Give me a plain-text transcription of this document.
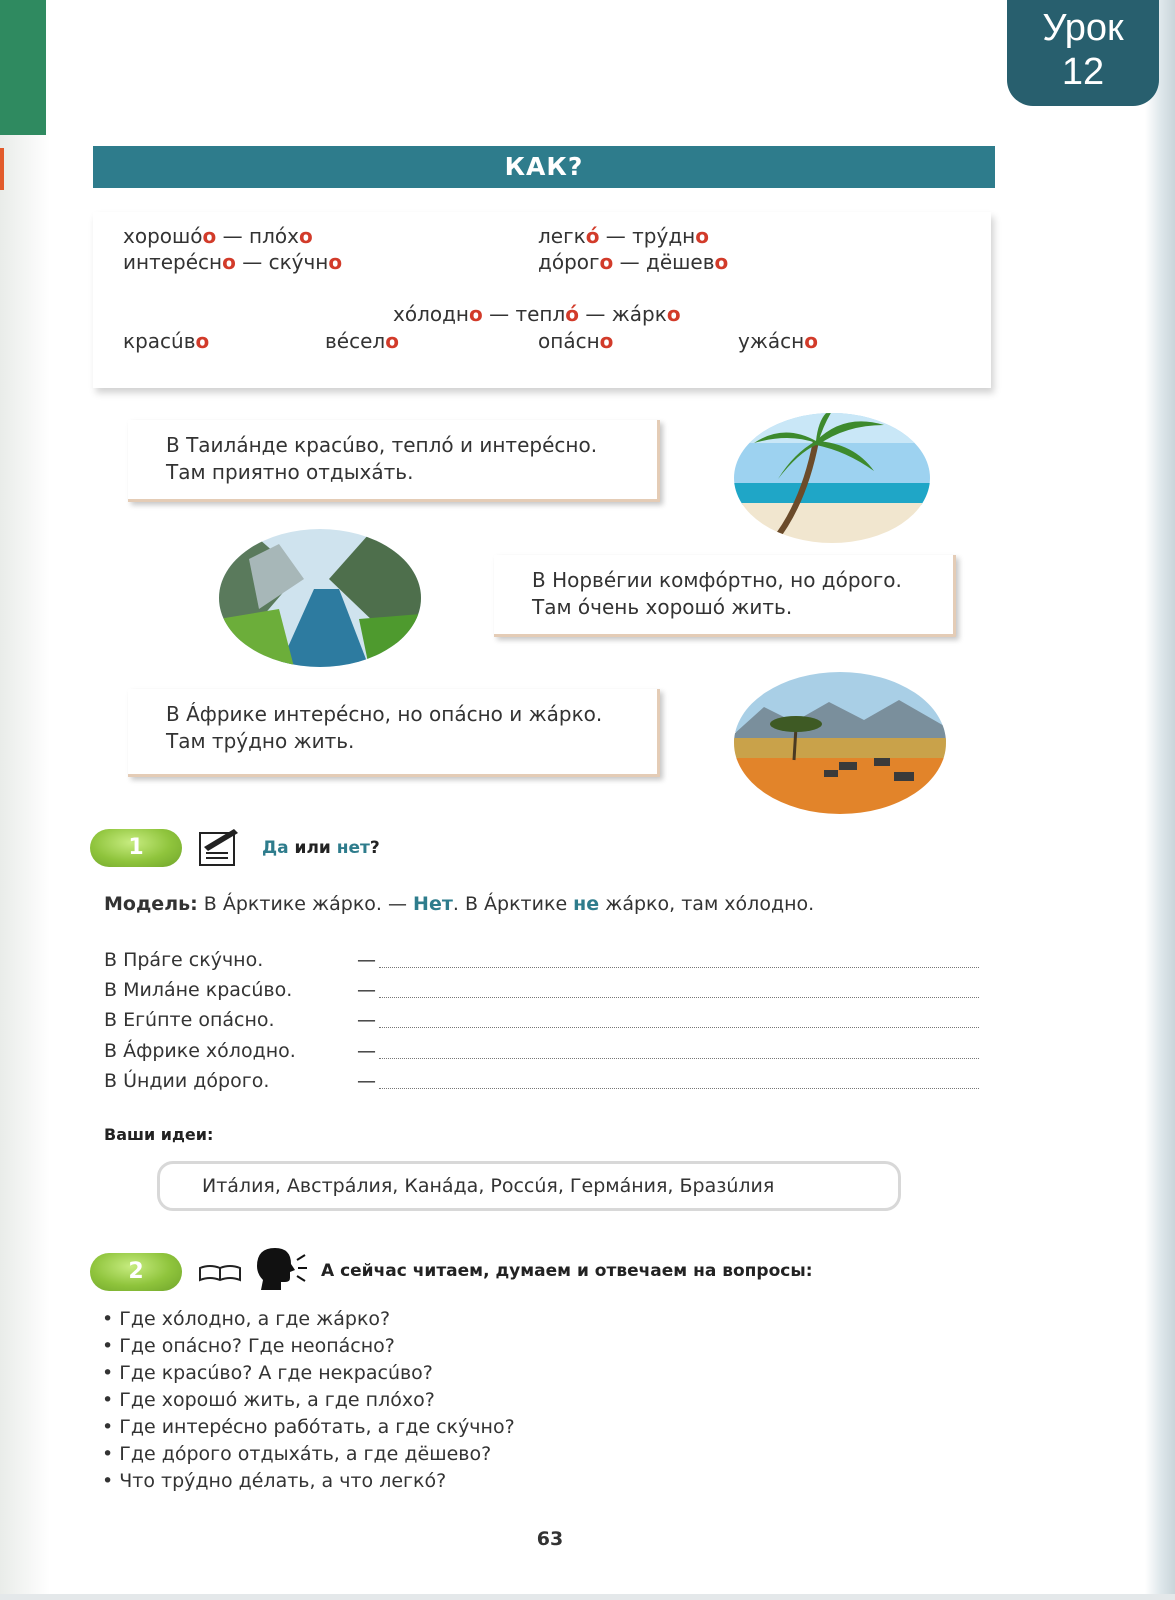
Урок
12
КАК?
хорошóо — плóхо
интерéсно — скýчно
легкó — трýдно
дóрого — дёшево
хóлодно — теплó — жáрко
красúво	вéсело	опáсно	ужáсно
В Таилáнде красúво, теплó и интерéсно.
Там приятно отдыхáть.
В Норвéгии комфóртно, но дóрого.
Там óчень хорошó жить.
В Áфрике интерéсно, но опáсно и жáрко.
Там трýдно жить.
1	Да или нет?
Модель: В Áрктике жáрко. — Нет. В Áрктике не жáрко, там хóлодно.
В Прáге скýчно.	—
В Милáне красúво.	—
В Егúпте опáсно.	—
В Áфрике хóлодно.	—
В Úндии дóрого.	—
Ваши идеи:
Итáлия, Австрáлия, Канáда, Россúя, Гермáния, Бразúлия
2	А сейчас читаем, думаем и отвечаем на вопросы:
• Где хóлодно, а где жáрко?
• Где опáсно? Где неопáсно?
• Где красúво? А где некрасúво?
• Где хорошó жить, а где плóхо?
• Где интерéсно рабóтать, а где скýчно?
• Где дóрого отдыхáть, а где дёшево?
• Что трýдно дéлать, а что легкó?
63
